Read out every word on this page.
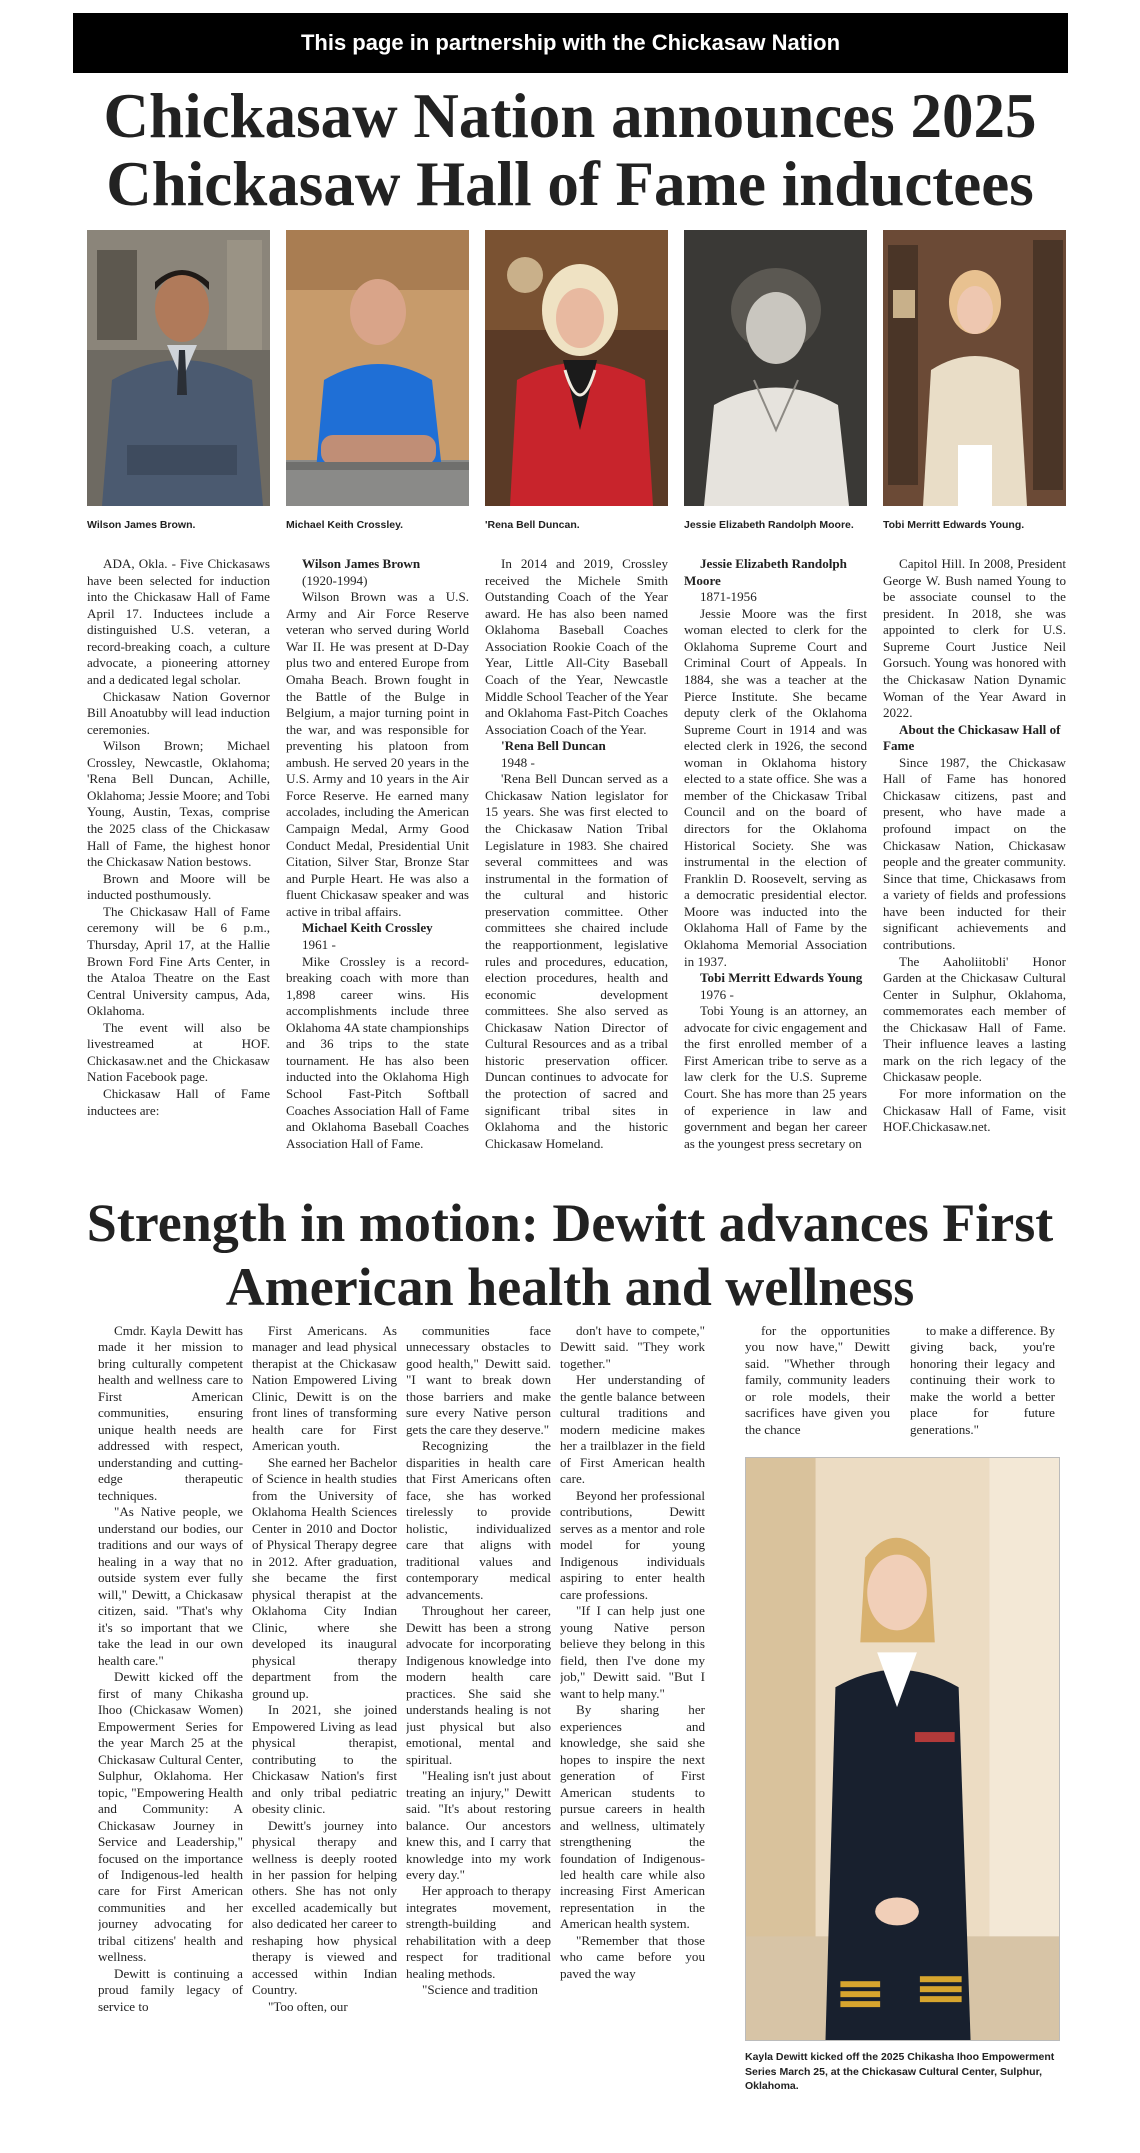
This page in partnership with the Chickasaw Nation
Chickasaw Nation announces 2025 Chickasaw Hall of Fame inductees
Wilson James Brown.	Michael Keith Crossley.	'Rena Bell Duncan.	Jessie Elizabeth Randolph Moore.	Tobi Merritt Edwards Young.

ADA, Okla. - Five Chickasaws have been selected for induction into the Chickasaw Hall of Fame April 17. Inductees include a distinguished U.S. veteran, a record-breaking coach, a culture advocate, a pioneering attorney and a dedicated legal scholar.

Chickasaw Nation Governor Bill Anoatubby will lead induction ceremonies.

Wilson Brown; Michael Crossley, Newcastle, Oklahoma; 'Rena Bell Duncan, Achille, Oklahoma; Jessie Moore; and Tobi Young, Austin, Texas, comprise the 2025 class of the Chickasaw Hall of Fame, the highest honor the Chickasaw Nation bestows.

Brown and Moore will be inducted posthumously.

The Chickasaw Hall of Fame ceremony will be 6 p.m., Thursday, April 17, at the Hallie Brown Ford Fine Arts Center, in the Ataloa Theatre on the East Central University campus, Ada, Oklahoma.

The event will also be livestreamed at HOF. Chickasaw.net and the Chickasaw Nation Facebook page.

Chickasaw Hall of Fame inductees are:

Wilson James Brown

(1920-1994)

Wilson Brown was a U.S. Army and Air Force Reserve veteran who served during World War II. He was present at D-Day plus two and entered Europe from Omaha Beach. Brown fought in the Battle of the Bulge in Belgium, a major turning point in the war, and was responsible for preventing his platoon from ambush. He served 20 years in the U.S. Army and 10 years in the Air Force Reserve. He earned many accolades, including the American Campaign Medal, Army Good Conduct Medal, Presidential Unit Citation, Silver Star, Bronze Star and Purple Heart. He was also a fluent Chickasaw speaker and was active in tribal affairs.

Michael Keith Crossley

1961 -

Mike Crossley is a record-breaking coach with more than 1,898 career wins. His accomplishments include three Oklahoma 4A state championships and 36 trips to the state tournament. He has also been inducted into the Oklahoma High School Fast-Pitch Softball Coaches Association Hall of Fame and Oklahoma Baseball Coaches Association Hall of Fame.

In 2014 and 2019, Crossley received the Michele Smith Outstanding Coach of the Year award. He has also been named Oklahoma Baseball Coaches Association Rookie Coach of the Year, Little All-City Baseball Coach of the Year, Newcastle Middle School Teacher of the Year and Oklahoma Fast-Pitch Coaches Association Coach of the Year.

'Rena Bell Duncan

1948 -

'Rena Bell Duncan served as a Chickasaw Nation legislator for 15 years. She was first elected to the Chickasaw Nation Tribal Legislature in 1983. She chaired several committees and was instrumental in the formation of the cultural and historic preservation committee. Other committees she chaired include the reapportionment, legislative rules and procedures, education, election procedures, health and economic development committees. She also served as Chickasaw Nation Director of Cultural Resources and as a tribal historic preservation officer. Duncan continues to advocate for the protection of sacred and significant tribal sites in Oklahoma and the historic Chickasaw Homeland.

Jessie Elizabeth Randolph Moore

1871-1956

Jessie Moore was the first woman elected to clerk for the Oklahoma Supreme Court and Criminal Court of Appeals. In 1884, she was a teacher at the Pierce Institute. She became deputy clerk of the Oklahoma Supreme Court in 1914 and was elected clerk in 1926, the second woman in Oklahoma history elected to a state office. She was a member of the Chickasaw Tribal Council and on the board of directors for the Oklahoma Historical Society. She was instrumental in the election of Franklin D. Roosevelt, serving as a democratic presidential elector. Moore was inducted into the Oklahoma Hall of Fame by the Oklahoma Memorial Association in 1937.

Tobi Merritt Edwards Young

1976 -

Tobi Young is an attorney, an advocate for civic engagement and the first enrolled member of a First American tribe to serve as a law clerk for the U.S. Supreme Court. She has more than 25 years of experience in law and government and began her career as the youngest press secretary on

Capitol Hill. In 2008, President George W. Bush named Young to be associate counsel to the president. In 2018, she was appointed to clerk for U.S. Supreme Court Justice Neil Gorsuch. Young was honored with the Chickasaw Nation Dynamic Woman of the Year Award in 2022.

About the Chickasaw Hall of Fame

Since 1987, the Chickasaw Hall of Fame has honored Chickasaw citizens, past and present, who have made a profound impact on the Chickasaw Nation, Chickasaw people and the greater community. Since that time, Chickasaws from a variety of fields and professions have been inducted for their significant achievements and contributions.

The Aaholiitobli' Honor Garden at the Chickasaw Cultural Center in Sulphur, Oklahoma, commemorates each member of the Chickasaw Hall of Fame. Their influence leaves a lasting mark on the rich legacy of the Chickasaw people.

For more information on the Chickasaw Hall of Fame, visit HOF.Chickasaw.net.

Strength in motion: Dewitt advances First American health and wellness

Cmdr. Kayla Dewitt has made it her mission to bring culturally competent health and wellness care to First American communities, ensuring unique health needs are addressed with respect, understanding and cutting-edge therapeutic techniques.

"As Native people, we understand our bodies, our traditions and our ways of healing in a way that no outside system ever fully will," Dewitt, a Chickasaw citizen, said. "That's why it's so important that we take the lead in our own health care."

Dewitt kicked off the first of many Chikasha Ihoo (Chickasaw Women) Empowerment Series for the year March 25 at the Chickasaw Cultural Center, Sulphur, Oklahoma. Her topic, "Empowering Health and Community: A Chickasaw Journey in Service and Leadership," focused on the importance of Indigenous-led health care for First American communities and her journey advocating for tribal citizens' health and wellness.

Dewitt is continuing a proud family legacy of service to

First Americans. As manager and lead physical therapist at the Chickasaw Nation Empowered Living Clinic, Dewitt is on the front lines of transforming health care for First American youth.

She earned her Bachelor of Science in health studies from the University of Oklahoma Health Sciences Center in 2010 and Doctor of Physical Therapy degree in 2012. After graduation, she became the first physical therapist at the Oklahoma City Indian Clinic, where she developed its inaugural physical therapy department from the ground up.

In 2021, she joined Empowered Living as lead physical therapist, contributing to the Chickasaw Nation's first and only tribal pediatric obesity clinic.

Dewitt's journey into physical therapy and wellness is deeply rooted in her passion for helping others. She has not only excelled academically but also dedicated her career to reshaping how physical therapy is viewed and accessed within Indian Country.

"Too often, our

communities face unnecessary obstacles to good health," Dewitt said. "I want to break down those barriers and make sure every Native person gets the care they deserve."

Recognizing the disparities in health care that First Americans often face, she has worked tirelessly to provide holistic, individualized care that aligns with traditional values and contemporary medical advancements.

Throughout her career, Dewitt has been a strong advocate for incorporating Indigenous knowledge into modern health care practices. She said she understands healing is not just physical but also emotional, mental and spiritual.

"Healing isn't just about treating an injury," Dewitt said. "It's about restoring balance. Our ancestors knew this, and I carry that knowledge into my work every day."

Her approach to therapy integrates movement, strength-building and rehabilitation with a deep respect for traditional healing methods.

"Science and tradition

don't have to compete," Dewitt said. "They work together."

Her understanding of the gentle balance between cultural traditions and modern medicine makes her a trailblazer in the field of First American health care.

Beyond her professional contributions, Dewitt serves as a mentor and role model for young Indigenous individuals aspiring to enter health care professions.

"If I can help just one young Native person believe they belong in this field, then I've done my job," Dewitt said. "But I want to help many."

By sharing her experiences and knowledge, she said she hopes to inspire the next generation of First American students to pursue careers in health and wellness, ultimately strengthening the foundation of Indigenous-led health care while also increasing First American representation in the American health system.

"Remember that those who came before you paved the way

for the opportunities you now have," Dewitt said. "Whether through family, community leaders or role models, their sacrifices have given you the chance

to make a difference. By giving back, you're honoring their legacy and continuing their work to make the world a better place for future generations."

Kayla Dewitt kicked off the 2025 Chikasha Ihoo Empowerment Series March 25, at the Chickasaw Cultural Center, Sulphur, Oklahoma.
